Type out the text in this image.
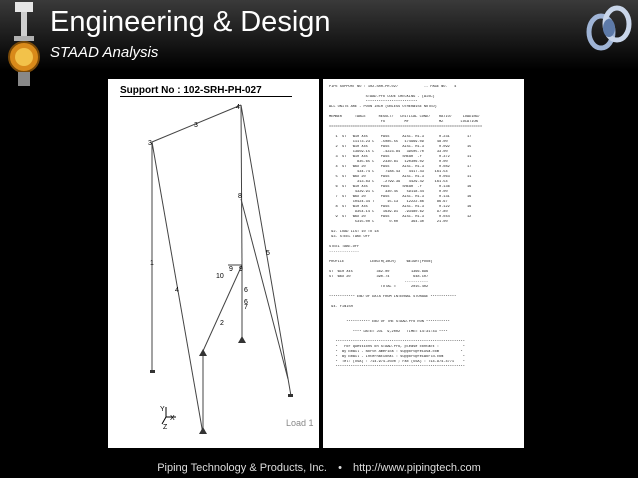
Engineering & Design
STAAD Analysis
Support No : 102-SRH-PH-027
4
3
3
8
1
10
9 9
5
4	6
7
2
6
Y
X
Z	Load 1
PIPE SUPPORT NO : 102-SRH-PH-027            -- PAGE NO.   4
STAAD.Pro CODE CHECKING - (AISC)
************************
ALL UNITS ARE - POUN INCH (UNLESS OTHERWISE NOTED)
MEMBER      TABLE      RESULT/   CRITICAL COND/    RATIO/     LOADING/
FX         MY              MZ        LOCATION
=======================================================================
1  ST   W10 X45      PASS      AISC- H1-3       0.231        17
11173.23 C   -5085.55   174969.09      48.00
2  ST   W10 X45      PASS      AISC- H1-3       0.092        15
13959.15 C    -4223.84   39505.70      33.00
3  ST   W10 X45      PASS      SHEAR  -Y        0.372        11
835.65 C    2330.81   120306.02       0.00
4  ST   W6X 20       PASS      AISC- H1-3       0.082        17
434.74 C     7188.43    4417.43     161.54
5  ST   W6X 20       PASS      AISC- H1-3       0.063        11
313.83 C    -2799.39    4429.42     161.54
6  ST   W10 X45      PASS      SHEAR  -Y        0.136        16
4329.91 C     330.45    59118.44       0.00
7  ST   W6X 20       PASS      AISC- H1-3       0.131        16
10424.34 T      15.13    12222.86      86.67
8  ST   W10 X45      PASS      AISC- H1-3       0.122        16
9354.14 C    1639.91   -93480.62      97.80
9  ST   W6X 20       PASS      AISC- H1-3       0.044        12
5315.00 C       0.00      364.30      21.00
92. LOAD LIST 10 TO 18
93. STEEL TAKE OFF
STEEL TAKE-OFF
--------------
PROFILE            LENGTH(INCH)     WEIGHT(POUN)
ST  W10 X45           362.00          1366.896
ST  W6X 20            390.74           648.107
-----------
TOTAL =       2015.402
************ END OF DATA FROM INTERNAL STORAGE ************
94. FINISH
*********** END OF THE STAAD.Pro RUN ***********
**** DATE= JUL  9,2002   TIME= 14:31:43 ****
************************************************************
*   For questions on STAAD.Pro, please contact :           *
*  By Email - North America : support@reiusa.com          *
*  By Email - International : support@reiworld.com         *
*  Tel: (USA) : 714-974-2500 ; Fax (USA) : 714-974-4771    *
************************************************************
Piping Technology & Products, Inc. • http://www.pipingtech.com
